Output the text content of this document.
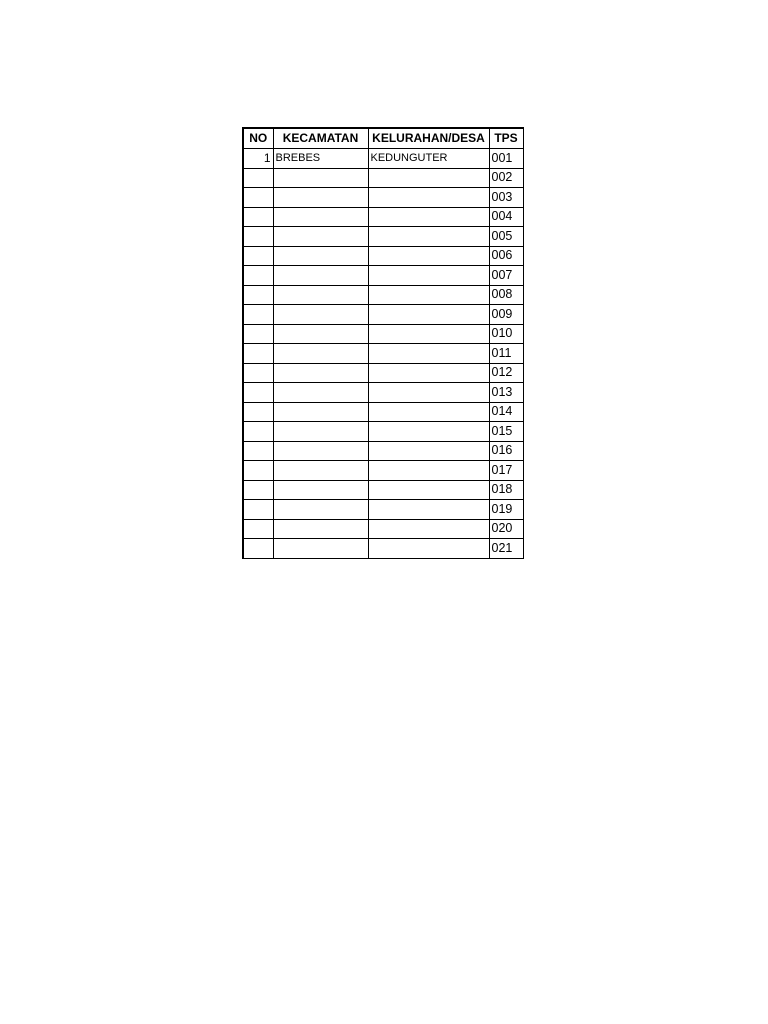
NO	KECAMATAN	KELURAHAN/DESA	TPS
1	BREBES	KEDUNGUTER	001
			002
			003
			004
			005
			006
			007
			008
			009
			010
			011
			012
			013
			014
			015
			016
			017
			018
			019
			020
			021
